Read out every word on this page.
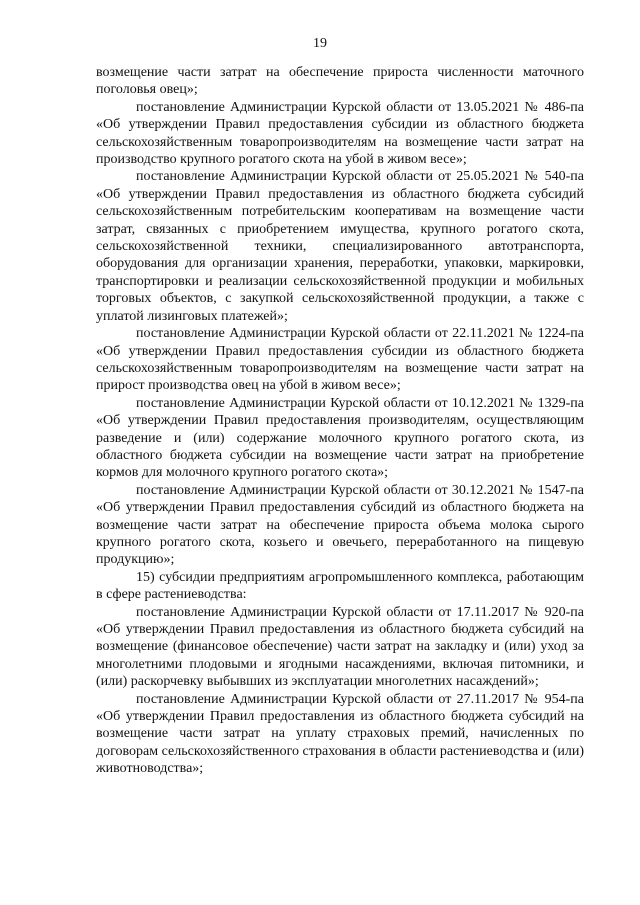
19

возмещение части затрат на обеспечение прироста численности маточного поголовья овец»;

постановление Администрации Курской области от 13.05.2021 № 486-па «Об утверждении Правил предоставления субсидии из областного бюджета сельскохозяйственным товаропроизводителям на возмещение части затрат на производство крупного рогатого скота на убой в живом весе»;

постановление Администрации Курской области от 25.05.2021 № 540-па «Об утверждении Правил предоставления из областного бюджета субсидий сельскохозяйственным потребительским кооперативам на возмещение части затрат, связанных с приобретением имущества, крупного рогатого скота, сельскохозяйственной техники, специализированного автотранспорта, оборудования для организации хранения, переработки, упаковки, маркировки, транспортировки и реализации сельскохозяйственной продукции и мобильных торговых объектов, с закупкой сельскохозяйственной продукции, а также с уплатой лизинговых платежей»;

постановление Администрации Курской области от 22.11.2021 № 1224-па «Об утверждении Правил предоставления субсидии из областного бюджета сельскохозяйственным товаропроизводителям на возмещение части затрат на прирост производства овец на убой в живом весе»;

постановление Администрации Курской области от 10.12.2021 № 1329-па «Об утверждении Правил предоставления производителям, осуществляющим разведение и (или) содержание молочного крупного рогатого скота, из областного бюджета субсидии на возмещение части затрат на приобретение кормов для молочного крупного рогатого скота»;

постановление Администрации Курской области от 30.12.2021 № 1547-па «Об утверждении Правил предоставления субсидий из областного бюджета на возмещение части затрат на обеспечение прироста объема молока сырого крупного рогатого скота, козьего и овечьего, переработанного на пищевую продукцию»;

15) субсидии предприятиям агропромышленного комплекса, работающим в сфере растениеводства:

постановление Администрации Курской области от 17.11.2017 № 920-па «Об утверждении Правил предоставления из областного бюджета субсидий на возмещение (финансовое обеспечение) части затрат на закладку и (или) уход за многолетними плодовыми и ягодными насаждениями, включая питомники, и (или) раскорчевку выбывших из эксплуатации многолетних насаждений»;

постановление Администрации Курской области от 27.11.2017 № 954-па «Об утверждении Правил предоставления из областного бюджета субсидий на возмещение части затрат на уплату страховых премий, начисленных по договорам сельскохозяйственного страхования в области растениеводства и (или) животноводства»;
